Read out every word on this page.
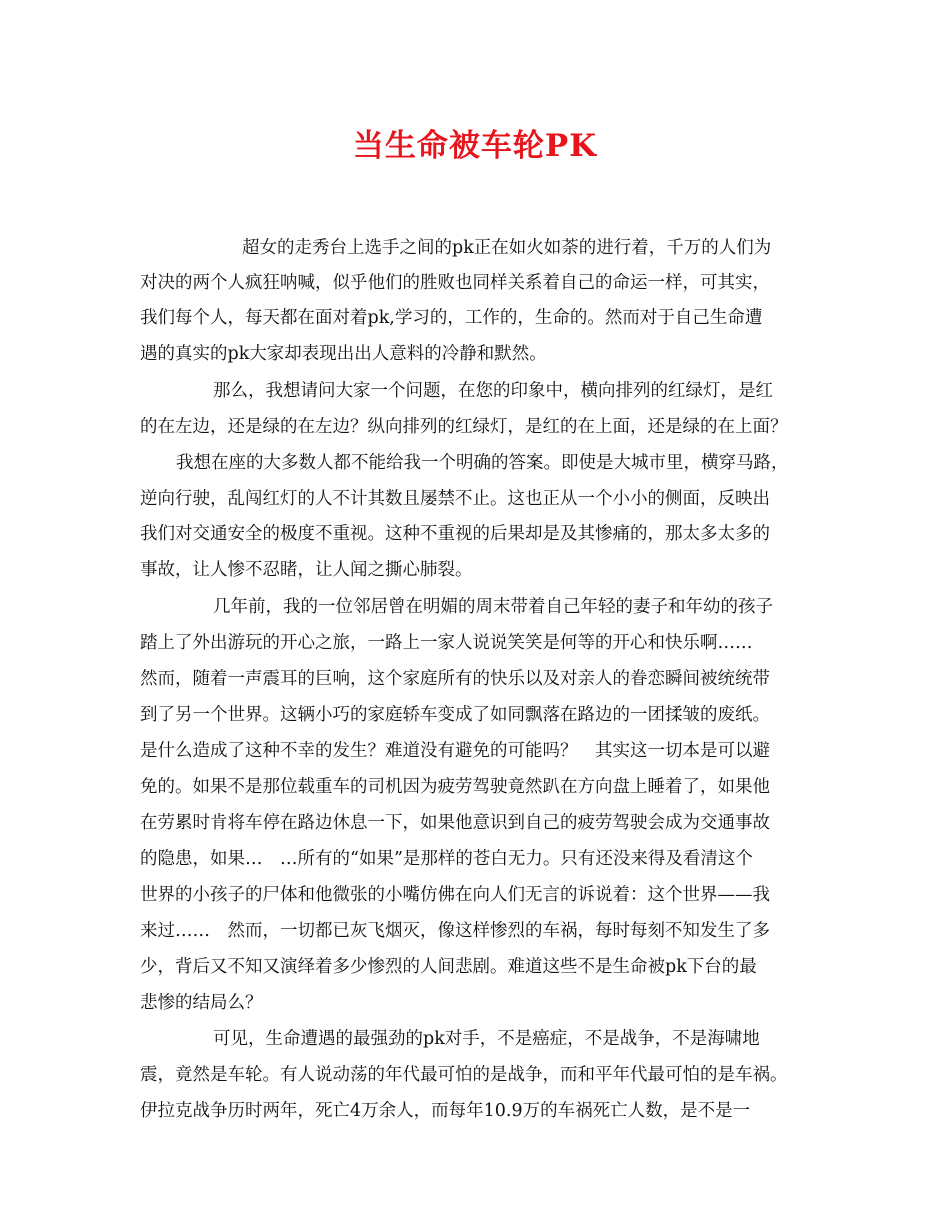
当生命被车轮PK
超女的走秀台上选手之间的pk正在如火如荼的进行着，千万的人们为
对决的两个人疯狂呐喊，似乎他们的胜败也同样关系着自己的命运一样，可其实，
我们每个人，每天都在面对着pk,学习的，工作的，生命的。然而对于自己生命遭
遇的真实的pk大家却表现出出人意料的冷静和默然。
那么，我想请问大家一个问题，在您的印象中，横向排列的红绿灯，是红
的在左边，还是绿的在左边？纵向排列的红绿灯，是红的在上面，还是绿的在上面？
我想在座的大多数人都不能给我一个明确的答案。即使是大城市里，横穿马路，
逆向行驶，乱闯红灯的人不计其数且屡禁不止。这也正从一个小小的侧面，反映出
我们对交通安全的极度不重视。这种不重视的后果却是及其惨痛的，那太多太多的
事故，让人惨不忍睹，让人闻之撕心肺裂。
几年前，我的一位邻居曾在明媚的周末带着自己年轻的妻子和年幼的孩子
踏上了外出游玩的开心之旅，一路上一家人说说笑笑是何等的开心和快乐啊……
然而，随着一声震耳的巨响，这个家庭所有的快乐以及对亲人的眷恋瞬间被统统带
到了另一个世界。这辆小巧的家庭轿车变成了如同飘落在路边的一团揉皱的废纸。
是什么造成了这种不幸的发生？难道没有避免的可能吗？　其实这一切本是可以避
免的。如果不是那位载重车的司机因为疲劳驾驶竟然趴在方向盘上睡着了，如果他
在劳累时肯将车停在路边休息一下，如果他意识到自己的疲劳驾驶会成为交通事故
的隐患，如果…　…所有的“如果”是那样的苍白无力。只有还没来得及看清这个
世界的小孩子的尸体和他微张的小嘴仿佛在向人们无言的诉说着：这个世界——我
来过……　然而，一切都已灰飞烟灭，像这样惨烈的车祸，每时每刻不知发生了多
少，背后又不知又演绎着多少惨烈的人间悲剧。难道这些不是生命被pk下台的最
悲惨的结局么？
可见，生命遭遇的最强劲的pk对手，不是癌症，不是战争，不是海啸地
震，竟然是车轮。有人说动荡的年代最可怕的是战争，而和平年代最可怕的是车祸。
伊拉克战争历时两年，死亡4万余人，而每年10.9万的车祸死亡人数，是不是一
